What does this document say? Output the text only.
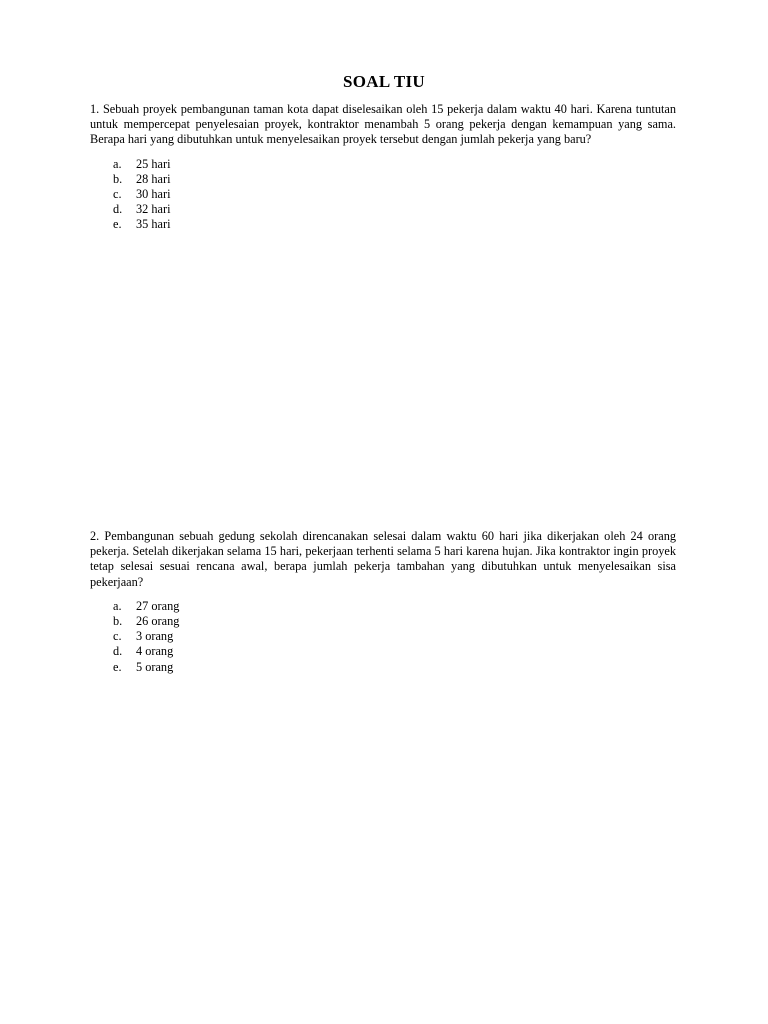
SOAL TIU

1. Sebuah proyek pembangunan taman kota dapat diselesaikan oleh 15 pekerja dalam waktu 40 hari. Karena tuntutan untuk mempercepat penyelesaian proyek, kontraktor menambah 5 orang pekerja dengan kemampuan yang sama. Berapa hari yang dibutuhkan untuk menyelesaikan proyek tersebut dengan jumlah pekerja yang baru?

a. 25 hari
b. 28 hari
c. 30 hari
d. 32 hari
e. 35 hari

2. Pembangunan sebuah gedung sekolah direncanakan selesai dalam waktu 60 hari jika dikerjakan oleh 24 orang pekerja. Setelah dikerjakan selama 15 hari, pekerjaan terhenti selama 5 hari karena hujan. Jika kontraktor ingin proyek tetap selesai sesuai rencana awal, berapa jumlah pekerja tambahan yang dibutuhkan untuk menyelesaikan sisa pekerjaan?

a. 27 orang
b. 26 orang
c. 3 orang
d. 4 orang
e. 5 orang
